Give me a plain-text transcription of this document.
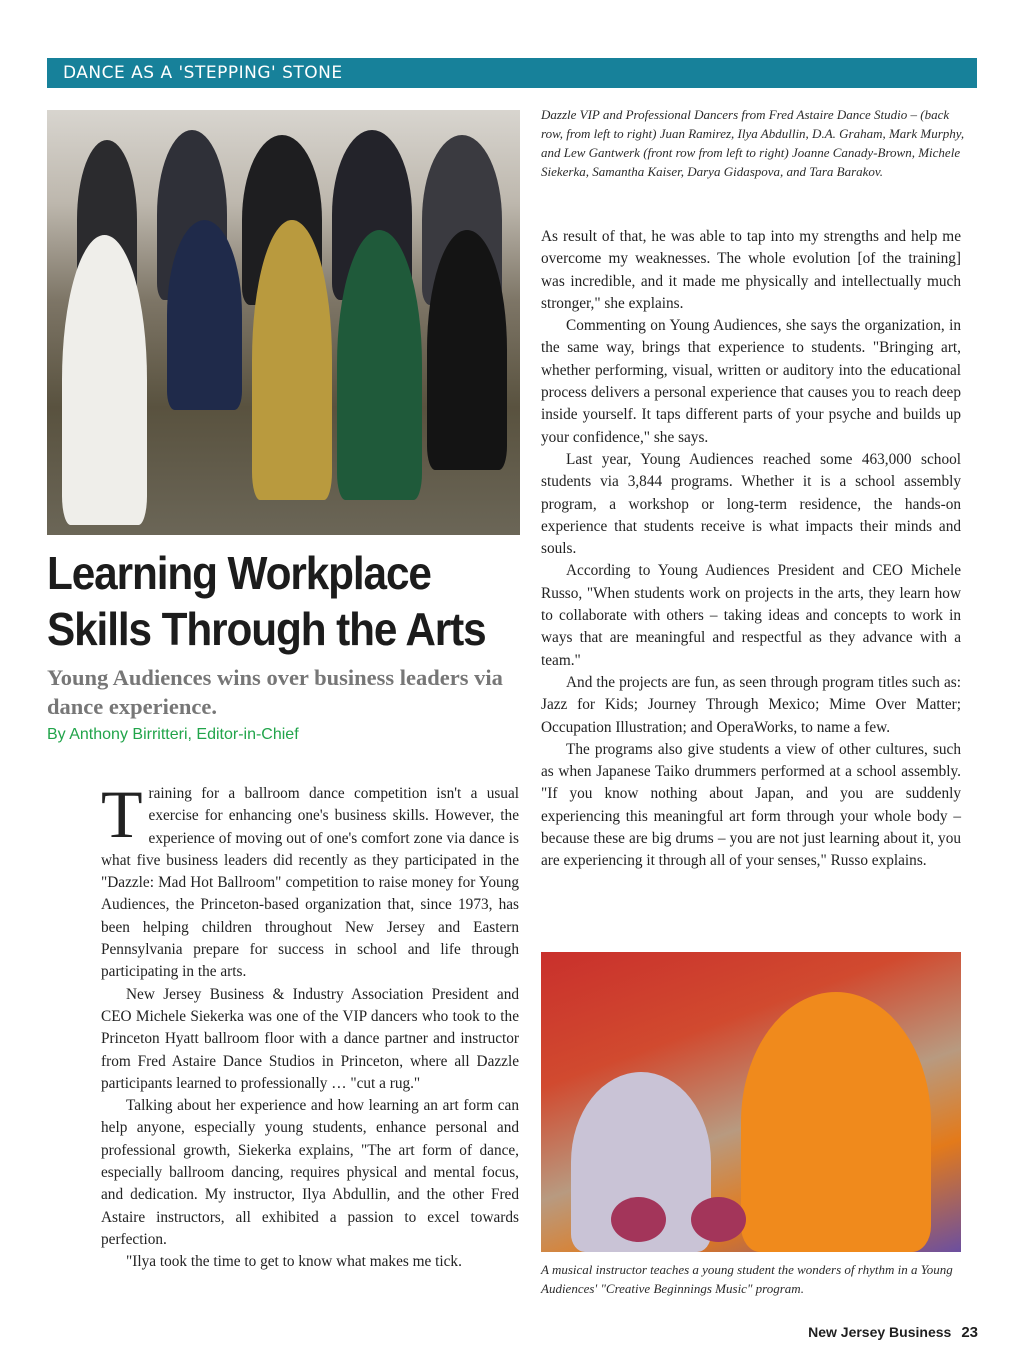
DANCE AS A 'STEPPING' STONE

Dazzle VIP and Professional Dancers from Fred Astaire Dance Studio – (back row, from left to right) Juan Ramirez, Ilya Abdullin, D.A. Graham, Mark Murphy, and Lew Gantwerk (front row from left to right) Joanne Canady-Brown, Michele Siekerka, Samantha Kaiser, Darya Gidaspova, and Tara Barakov.

Learning Workplace Skills Through the Arts

Young Audiences wins over business leaders via dance experience.

By Anthony Birritteri, Editor-in-Chief

Training for a ballroom dance competition isn't a usual exercise for enhancing one's business skills. However, the experience of moving out of one's comfort zone via dance is what five business leaders did recently as they participated in the "Dazzle: Mad Hot Ballroom" competition to raise money for Young Audiences, the Princeton-based organization that, since 1973, has been helping children throughout New Jersey and Eastern Pennsylvania prepare for success in school and life through participating in the arts.

New Jersey Business & Industry Association President and CEO Michele Siekerka was one of the VIP dancers who took to the Princeton Hyatt ballroom floor with a dance partner and instructor from Fred Astaire Dance Studios in Princeton, where all Dazzle participants learned to professionally … "cut a rug."

Talking about her experience and how learning an art form can help anyone, especially young students, enhance personal and professional growth, Siekerka explains, "The art form of dance, especially ballroom dancing, requires physical and mental focus, and dedication. My instructor, Ilya Abdullin, and the other Fred Astaire instructors, all exhibited a passion to excel towards perfection.

"Ilya took the time to get to know what makes me tick.

As result of that, he was able to tap into my strengths and help me overcome my weaknesses. The whole evolution [of the training] was incredible, and it made me physically and intellectually much stronger," she explains.

Commenting on Young Audiences, she says the organization, in the same way, brings that experience to students. "Bringing art, whether performing, visual, written or auditory into the educational process delivers a personal experience that causes you to reach deep inside yourself. It taps different parts of your psyche and builds up your confidence," she says.

Last year, Young Audiences reached some 463,000 school students via 3,844 programs. Whether it is a school assembly program, a workshop or long-term residence, the hands-on experience that students receive is what impacts their minds and souls.

According to Young Audiences President and CEO Michele Russo, "When students work on projects in the arts, they learn how to collaborate with others – taking ideas and concepts to work in ways that are meaningful and respectful as they advance with a team."

And the projects are fun, as seen through program titles such as: Jazz for Kids; Journey Through Mexico; Mime Over Matter; Occupation Illustration; and OperaWorks, to name a few.

The programs also give students a view of other cultures, such as when Japanese Taiko drummers performed at a school assembly. "If you know nothing about Japan, and you are suddenly experiencing this meaningful art form through your whole body – because these are big drums – you are not just learning about it, you are experiencing it through all of your senses," Russo explains.

A musical instructor teaches a young student the wonders of rhythm in a Young Audiences' "Creative Beginnings Music" program.

New Jersey Business 23
